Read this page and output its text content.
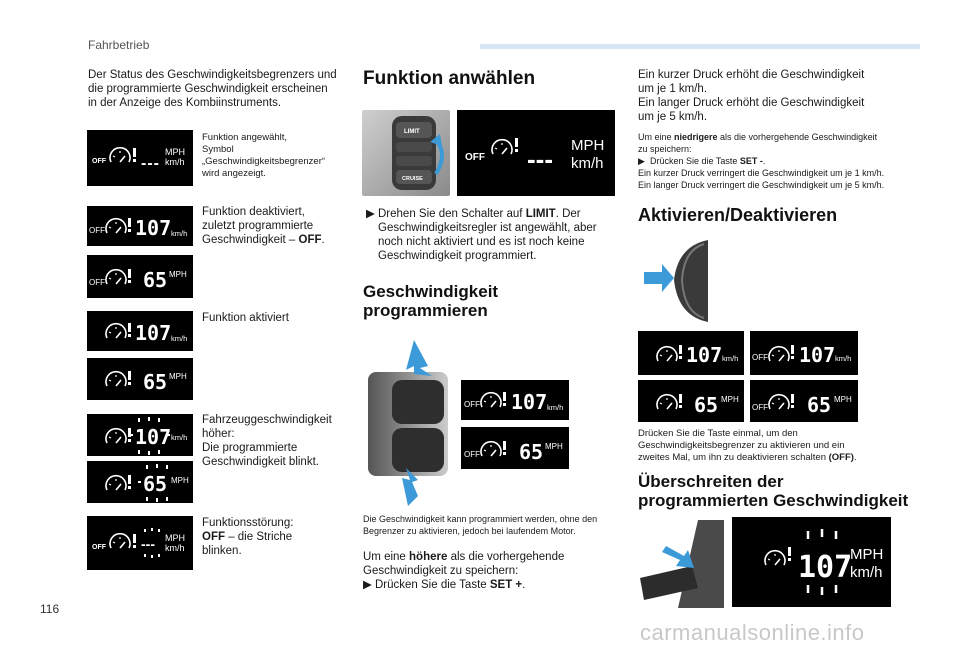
Fahrbetrieb
116
carmanualsonline.info
Der Status des Geschwindigkeitsbegrenzers und die programmierte Geschwindigkeit erscheinen in der Anzeige des Kombiinstruments.
OFF ---
MPH
km/h
Funktion angewählt,
Symbol
„Geschwindigkeitsbegrenzer“
wird angezeigt.
OFF 107 km/h
OFF 65 MPH
Funktion deaktiviert,
zuletzt programmierte
Geschwindigkeit – OFF.
107 km/h
65 MPH
Funktion aktiviert
107 km/h
65 MPH
Fahrzeuggeschwindigkeit
höher:
Die programmierte
Geschwindigkeit blinkt.
OFF	--- MPH
km/h
Funktionsstörung:
OFF – die Striche
blinken.
Funktion anwählen
LIMIT
CRUISE
OFF --- MPH
km/h
▶ Drehen Sie den Schalter auf LIMIT. Der
Geschwindigkeitsregler ist angewählt, aber
noch nicht aktiviert und es ist noch keine
Geschwindigkeit programmiert.
Geschwindigkeit
programmieren
OFF 107 km/h
OFF 65 MPH
Die Geschwindigkeit kann programmiert werden, ohne den
Begrenzer zu aktivieren, jedoch bei laufendem Motor.
Um eine höhere als die vorhergehende
Geschwindigkeit zu speichern:
▶ Drücken Sie die Taste SET +.
Ein kurzer Druck erhöht die Geschwindigkeit
um je 1 km/h.
Ein langer Druck erhöht die Geschwindigkeit
um je 5 km/h.
Um eine niedrigere als die vorhergehende Geschwindigkeit
zu speichern:
▶ Drücken Sie die Taste SET -.
Ein kurzer Druck verringert die Geschwindigkeit um je 1 km/h.
Ein langer Druck verringert die Geschwindigkeit um je 5 km/h.
Aktivieren/Deaktivieren
107 km/h OFF 107 km/h
65 MPH
OFF 65 MPH
Drücken Sie die Taste einmal, um den
Geschwindigkeitsbegrenzer zu aktivieren und ein
zweites Mal, um ihn zu deaktivieren schalten (OFF).
Überschreiten der
programmierten Geschwindigkeit
107
MPH
km/h
